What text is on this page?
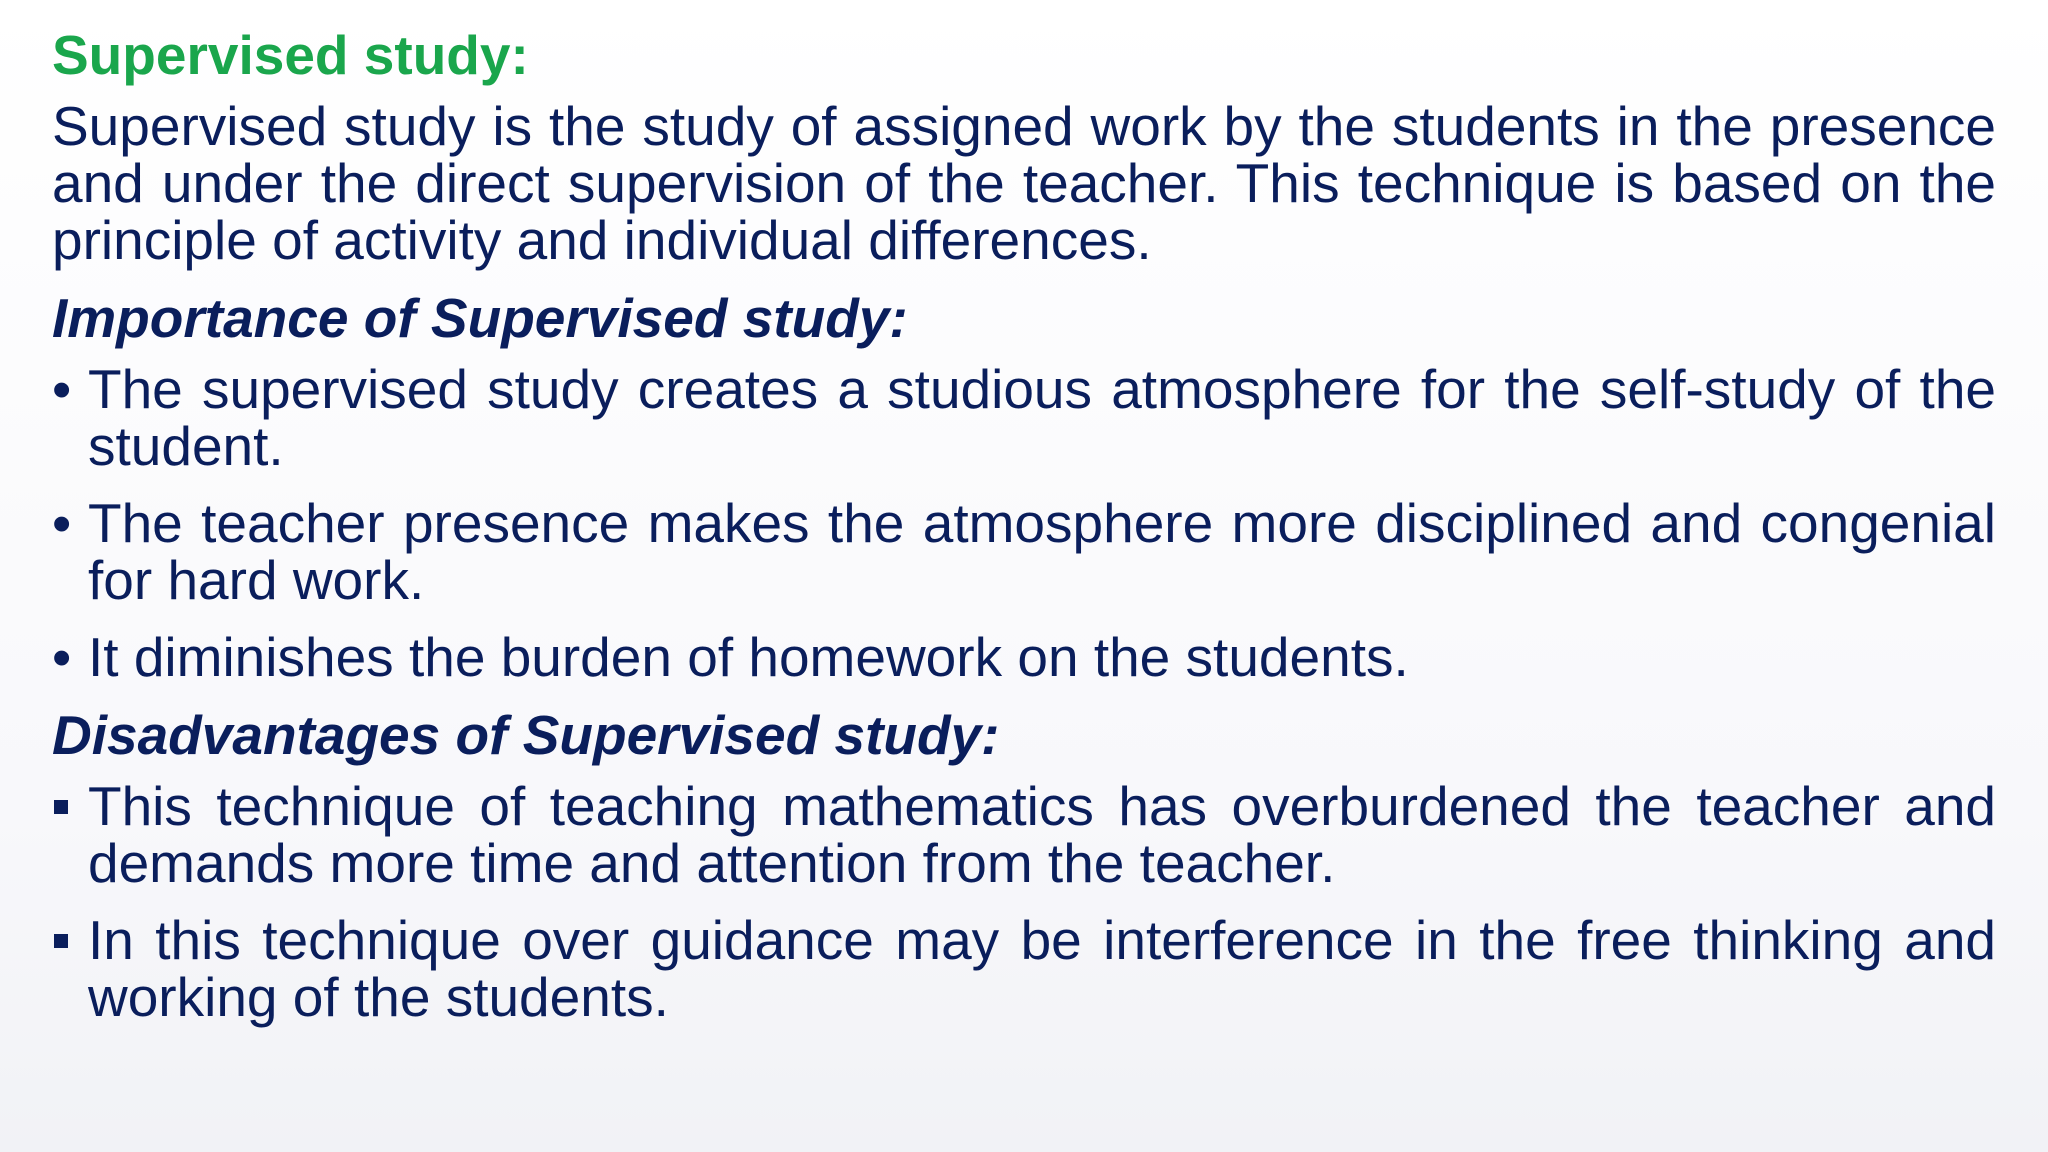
Supervised study:

Supervised study is the study of assigned work by the students in the presence and under the direct supervision of the teacher. This technique is based on the principle of activity and individual differences.

Importance of Supervised study:
• The supervised study creates a studious atmosphere for the self-study of the student.
• The teacher presence makes the atmosphere more disciplined and congenial for hard work.
• It diminishes the burden of homework on the students.
Disadvantages of Supervised study:
This technique of teaching mathematics has overburdened the teacher and demands more time and attention from the teacher.
In this technique over guidance may be interference in the free thinking and working of the students.
